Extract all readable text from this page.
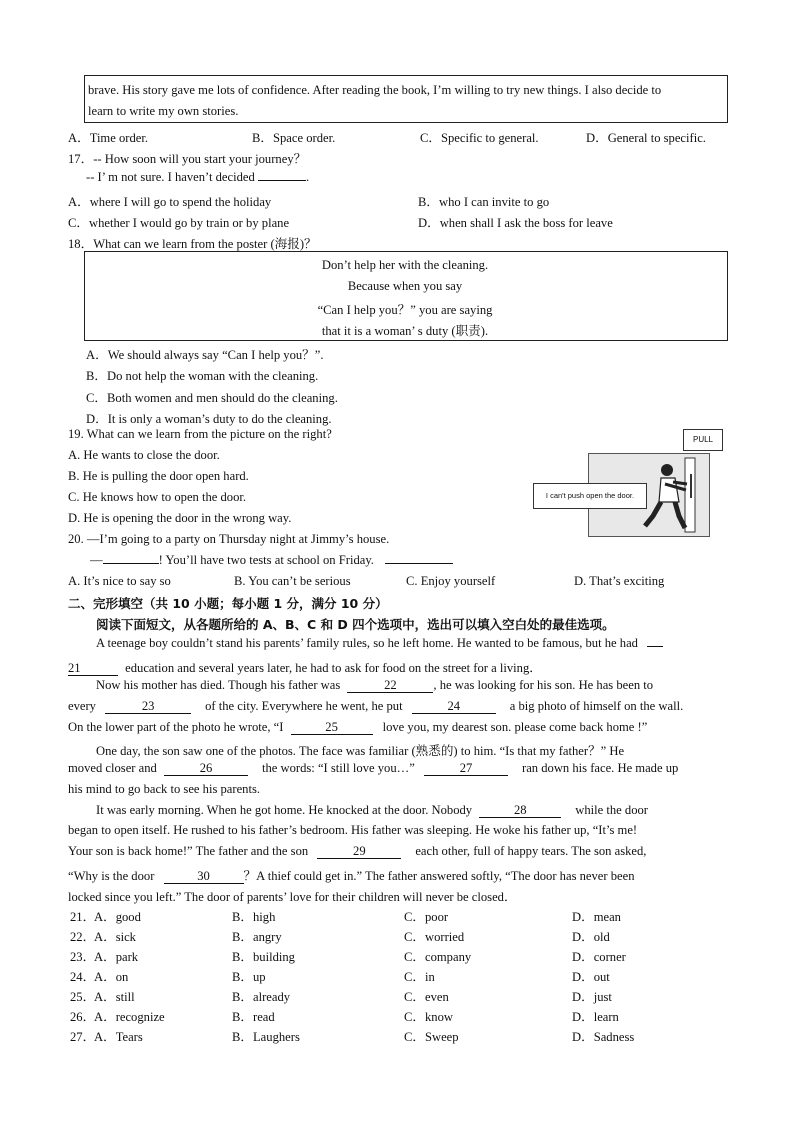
brave. His story gave me lots of confidence. After reading the book, I’m willing to try new things. I also decide to
learn to write my own stories.
A．Time order.	B．Space order.	C．Specific to general.	D．General to specific.
17．-- How soon will you start your journey？
-- I’ m not sure. I haven’t decided	.
A．where I will go to spend the holiday	B．who I can invite to go
C．whether I would go by train or by plane	D．when shall I ask the boss for leave
18．What can we learn from the poster (海报)？
Don’t help her with the cleaning.
Because when you say
“Can I help you？” you are saying
that it is a woman’ s duty (职责).
A．We should always say “Can I help you？”.
B．Do not help the woman with the cleaning.
C．Both women and men should do the cleaning.
D．It is only a woman’s duty to do the cleaning.
19. What can we learn from the picture on the right?
A. He wants to close the door.
B. He is pulling the door open hard.
C. He knows how to open the door.
D. He is opening the door in the wrong way.
PULL
I can't push open the door.
20. —I’m going to a party on Thursday night at Jimmy’s house.
—	! You’ll have two tests at school on Friday.
A. It’s nice to say so	B. You can’t be serious	C. Enjoy yourself	D. That’s exciting
二、完形填空（共 10 小题；每小题 1 分，满分 10 分）
阅读下面短文，从各题所给的 A、B、C 和 D 四个选项中，选出可以填入空白处的最佳选项。
A teenage boy couldn’t stand his parents’ family rules, so he left home. He wanted to be famous, but he had
21	education and several years later, he had to ask for food on the street for a living．
Now his mother has died. Though his father was	22	, he was looking for his son. He has been to
every	23	of the city. Everywhere he went, he put	24	a big photo of himself on the wall.
On the lower part of the photo he wrote, “I	25	love you, my dearest son. please come back home !”
One day, the son saw one of the photos. The face was familiar (熟悉的) to him. “Is that my father？” He
moved closer and	26	the words: “I still love you…”	27	ran down his face. He made up
his mind to go back to see his parents.
It was early morning. When he got home. He knocked at the door. Nobody	28	while the door
began to open itself. He rushed to his father’s bedroom. His father was sleeping. He woke his father up, “It’s me!
Your son is back home!” The father and the son	29	each other, full of happy tears. The son asked,
“Why is the door	30	？A thief could get in.” The father answered softly, “The door has never been
locked since you left.” The door of parents’ love for their children will never be closed．
21．
A．good	B．high	C．poor	D．mean
22．
A．sick	B．angry	C．worried	D．old
23．
A．park	B．building	C．company	D．corner
24．
A．on	B．up	C．in	D．out
25．
A．still	B．already	C．even	D．just
26．
A．recognize	B．read	C．know	D．learn
27．
A．Tears	B．Laughers	C．Sweep	D．Sadness
